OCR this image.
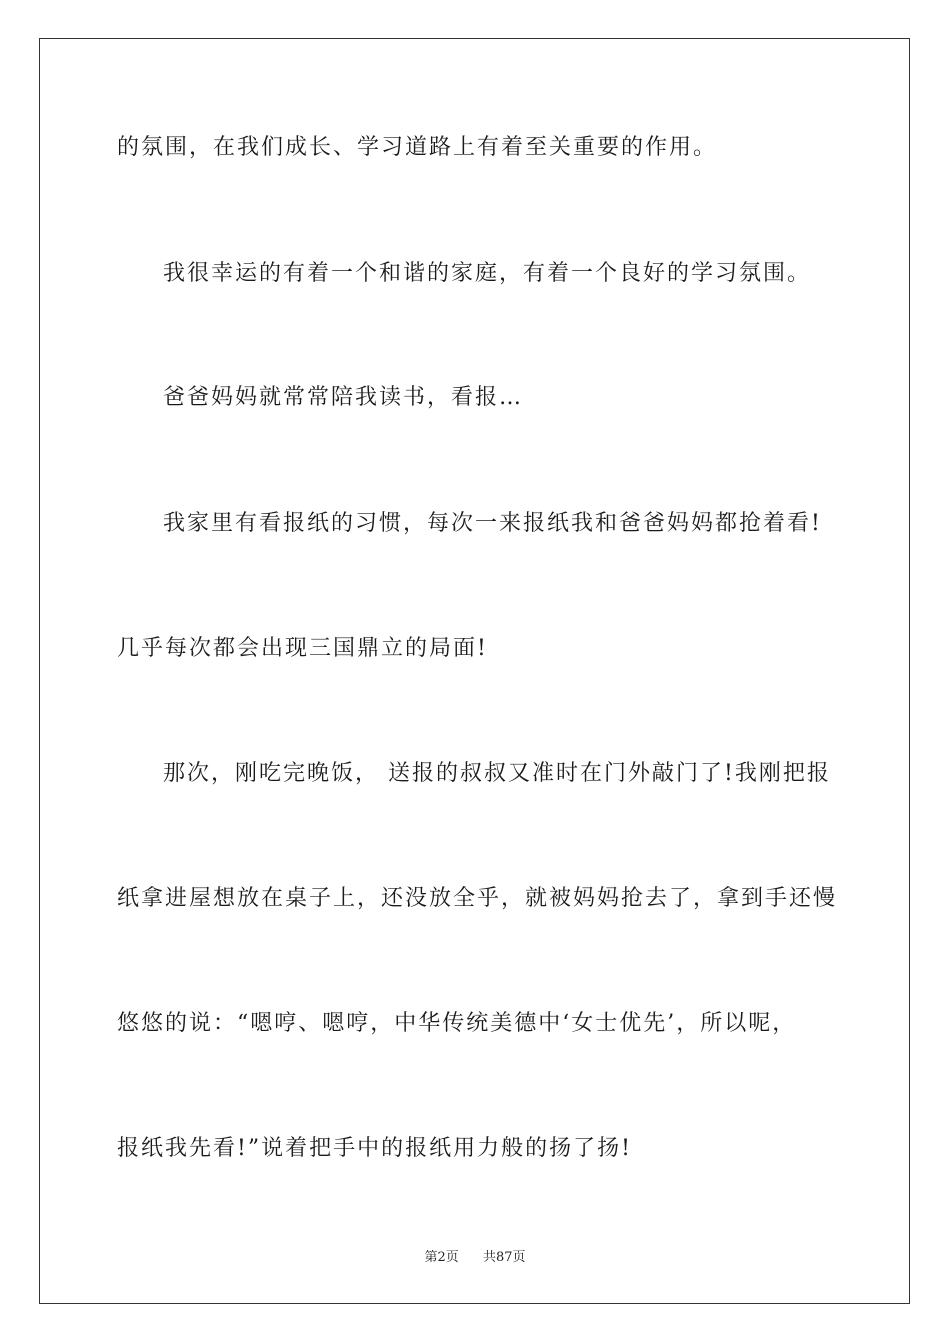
的氛围，在我们成长、学习道路上有着至关重要的作用。
我很幸运的有着一个和谐的家庭，有着一个良好的学习氛围。
爸爸妈妈就常常陪我读书，看报…
我家里有看报纸的习惯，每次一来报纸我和爸爸妈妈都抢着看!
几乎每次都会出现三国鼎立的局面!
那次，刚吃完晚饭， 送报的叔叔又准时在门外敲门了!我刚把报
纸拿进屋想放在桌子上，还没放全乎，就被妈妈抢去了，拿到手还慢
悠悠的说：“嗯哼、嗯哼，中华传统美德中‘女士优先’，所以呢，
报纸我先看!”说着把手中的报纸用力般的扬了扬!
第2页 共87页
